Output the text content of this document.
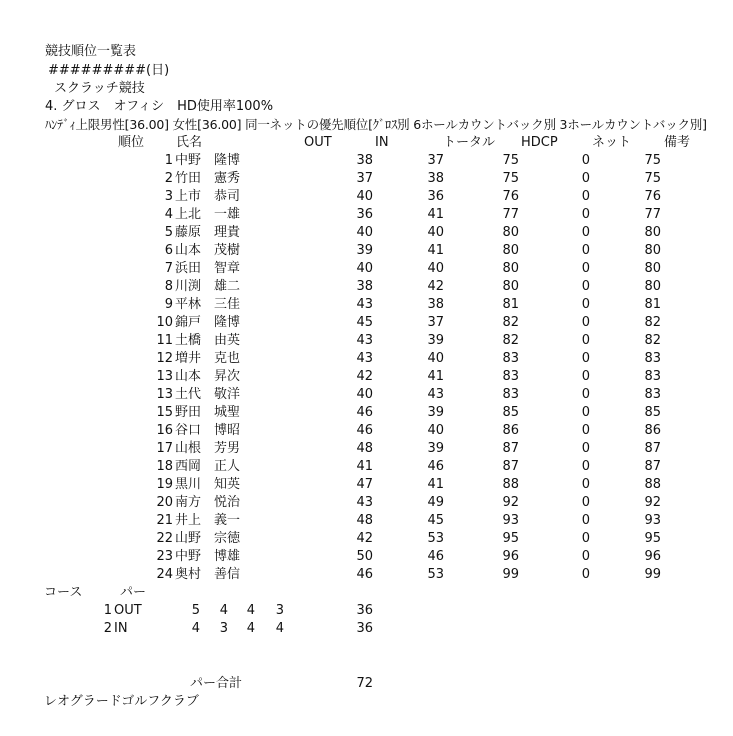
競技順位一覧表
#########(日)
スクラッチ競技
4. グロス　オフィシ　HD使用率100%
ﾊﾝﾃﾞｨ上限男性[36.00] 女性[36.00] 同一ネットの優先順位[ｸﾞﾛｽ別 6ホールカウントバック別 3ホールカウントバック別]
順位 氏名	OUT	IN	トータル HDCP	ネット	備考
1 中野 隆博	38	37	75	0	75
2 竹田 憲秀	37	38	75	0	75
3 上市 恭司	40	36	76	0	76
4 上北 一雄	36	41	77	0	77
5 藤原 理貴	40	40	80	0	80
6 山本 茂樹	39	41	80	0	80
7 浜田 智章	40	40	80	0	80
8 川渕 雄二	38	42	80	0	80
9 平林 三佳	43	38	81	0	81
10 錦戸 隆博	45	37	82	0	82
11 土橋 由英	43	39	82	0	82
12 増井 克也	43	40	83	0	83
13 山本 昇次	42	41	83	0	83
13 土代 敬洋	40	43	83	0	83
15 野田 城聖	46	39	85	0	85
16 谷口 博昭	46	40	86	0	86
17 山根 芳男	48	39	87	0	87
18 西岡 正人	41	46	87	0	87
19 黒川 知英	47	41	88	0	88
20 南方 悦治	43	49	92	0	92
21 井上 義一	48	45	93	0	93
22 山野 宗徳	42	53	95	0	95
23 中野 博雄	50	46	96	0	96
24 奥村 善信	46	53	99	0	99
コース	パー
1 OUT	5 4 4 3	36
2 IN	4 3 4 4	36
パー合計	72
レオグラードゴルフクラブ
